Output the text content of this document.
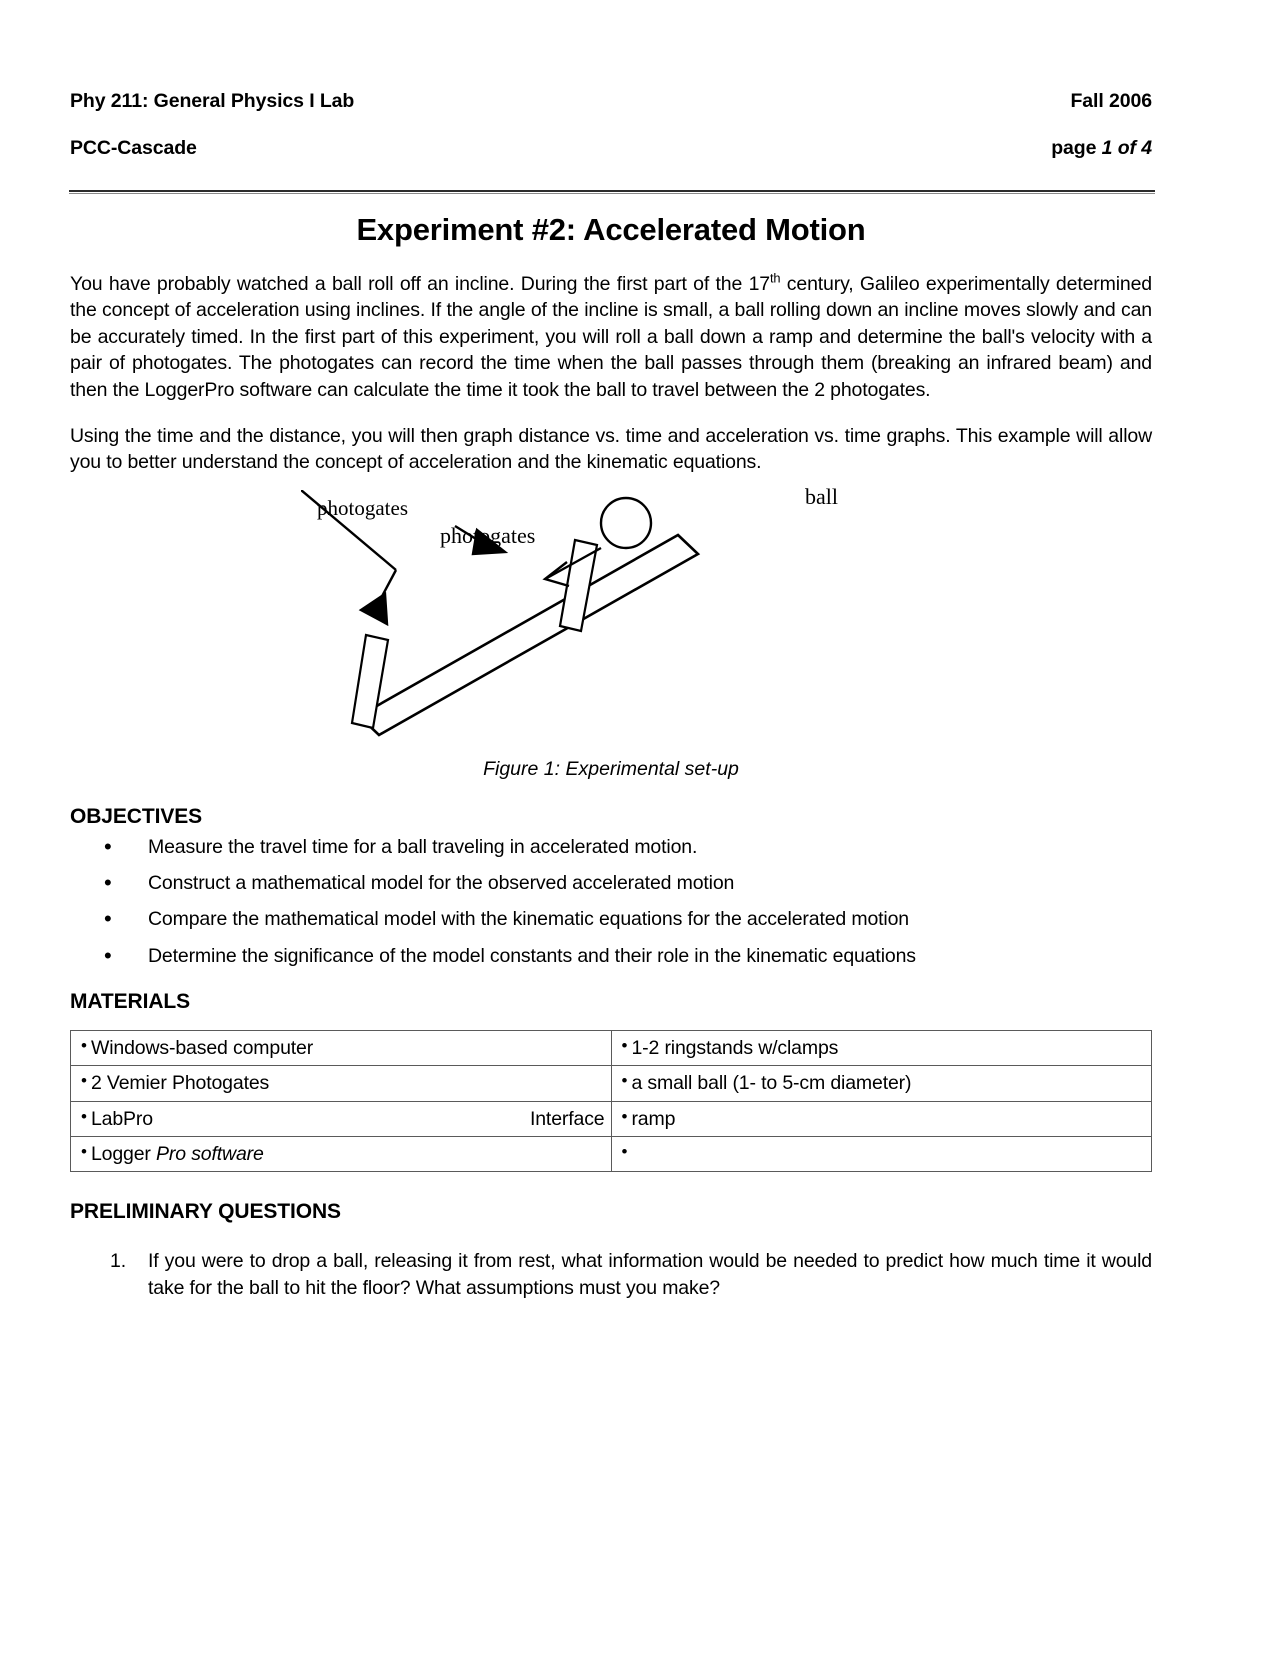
Phy 211: General Physics I Lab

PCC-Cascade

Fall 2006

page 1 of 4

Experiment #2: Accelerated Motion

You have probably watched a ball roll off an incline. During the first part of the 17th century, Galileo experimentally determined the concept of acceleration using inclines. If the angle of the incline is small, a ball rolling down an incline moves slowly and can be accurately timed. In the first part of this experiment, you will roll a ball down a ramp and determine the ball's velocity with a pair of photogates. The photogates can record the time when the ball passes through them (breaking an infrared beam) and then the LoggerPro software can calculate the time it took the ball to travel between the 2 photogates.

Using the time and the distance, you will then graph distance vs. time and acceleration vs. time graphs. This example will allow you to better understand the concept of acceleration and the kinematic equations.

photogates	ball
photogates
Figure 1: Experimental set-up
OBJECTIVES
• Measure the travel time for a ball traveling in accelerated motion.
• Construct a mathematical model for the observed accelerated motion
• Compare the mathematical model with the kinematic equations for the accelerated motion
• Determine the significance of the model constants and their role in the kinematic equations
MATERIALS
• Windows-based computer	• 1-2 ringstands w/clamps

• 2 Vemier Photogates	• a small ball (1- to 5-cm diameter)

• LabPro Interface	• ramp

• Logger Pro software	•
PRELIMINARY QUESTIONS
1. If you were to drop a ball, releasing it from rest, what information would be needed to predict how much time it would take for the ball to hit the floor? What assumptions must you make?
